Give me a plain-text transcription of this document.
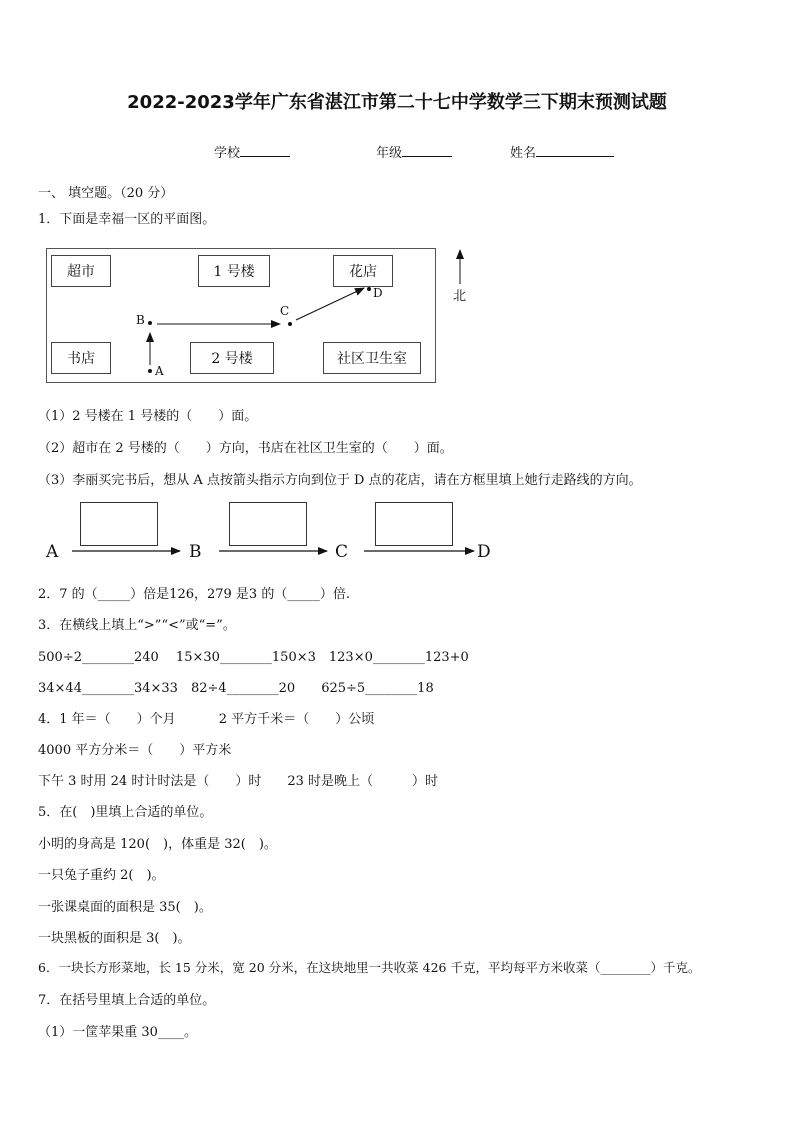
2022-2023学年广东省湛江市第二十七中学数学三下期末预测试题
学校	年级	姓名
一、 填空题。（20 分）
1．下面是幸福一区的平面图。
超市	1 号楼	花店
书店	2 号楼	社区卫生室
B
C
D
A
北
（1）2 号楼在 1 号楼的（　　）面。
（2）超市在 2 号楼的（　　）方向，书店在社区卫生室的（　　）面。
（3）李丽买完书后，想从 A 点按箭头指示方向到位于 D 点的花店，请在方框里填上她行走路线的方向。
A	B	C	D
2．7 的（_____）倍是126，279 是3 的（_____）倍.
3．在横线上填上“>”“<”或“=”。
500÷2________240　 15×30________150×3　123×0________123+0
34×44________34×33　82÷4________20　　625÷5________18
4．1 年＝（　　）个月　　　 2 平方千米＝（　　）公顷
4000 平方分米＝（　　）平方米
下午 3 时用 24 时计时法是（　　）时　　23 时是晚上（　　　）时
5．在(　)里填上合适的单位。
小明的身高是 120(　)，体重是 32(　)。
一只兔子重约 2(　)。
一张课桌面的面积是 35(　)。
一块黑板的面积是 3(　)。
6．一块长方形菜地，长 15 分米，宽 20 分米，在这块地里一共收菜 426 千克，平均每平方米收菜（________）千克。
7．在括号里填上合适的单位。
（1）一筐苹果重 30____。
